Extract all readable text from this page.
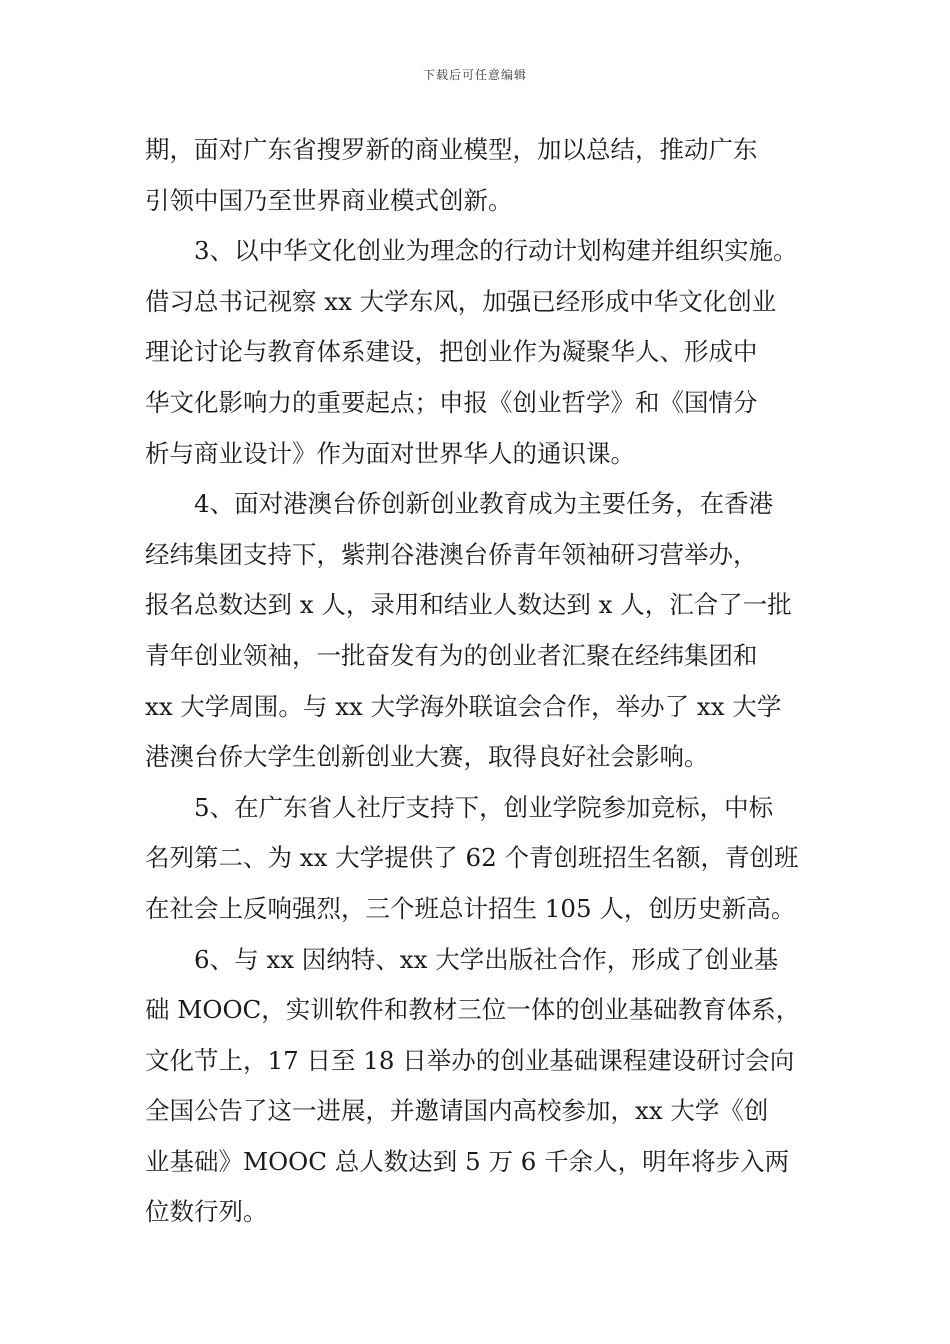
下载后可任意编辑
期，面对广东省搜罗新的商业模型，加以总结，推动广东
引领中国乃至世界商业模式创新。
3、以中华文化创业为理念的行动计划构建并组织实施。
借习总书记视察 xx 大学东风，加强已经形成中华文化创业
理论讨论与教育体系建设，把创业作为凝聚华人、形成中
华文化影响力的重要起点；申报《创业哲学》和《国情分
析与商业设计》作为面对世界华人的通识课。
4、面对港澳台侨创新创业教育成为主要任务，在香港
经纬集团支持下，紫荆谷港澳台侨青年领袖研习营举办，
报名总数达到 x 人，录用和结业人数达到 x 人，汇合了一批
青年创业领袖，一批奋发有为的创业者汇聚在经纬集团和
xx 大学周围。与 xx 大学海外联谊会合作，举办了 xx 大学
港澳台侨大学生创新创业大赛，取得良好社会影响。
5、在广东省人社厅支持下，创业学院参加竞标，中标
名列第二、为 xx 大学提供了 62 个青创班招生名额，青创班
在社会上反响强烈，三个班总计招生 105 人，创历史新高。
6、与 xx 因纳特、xx 大学出版社合作，形成了创业基
础 MOOC，实训软件和教材三位一体的创业基础教育体系，
文化节上，17 日至 18 日举办的创业基础课程建设研讨会向
全国公告了这一进展，并邀请国内高校参加，xx 大学《创
业基础》MOOC 总人数达到 5 万 6 千余人，明年将步入两
位数行列。
